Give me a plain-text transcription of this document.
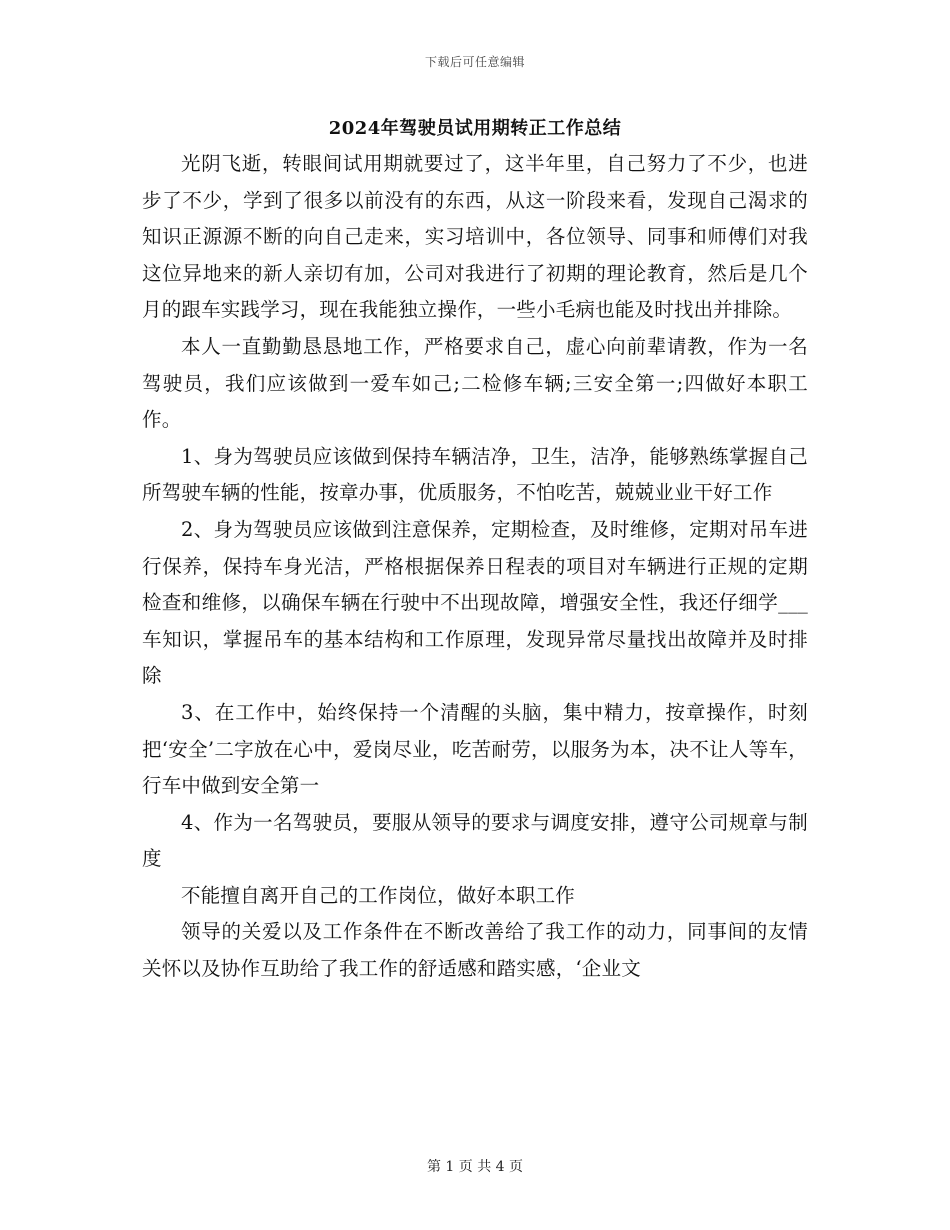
下载后可任意编辑
2024年驾驶员试用期转正工作总结

光阴飞逝，转眼间试用期就要过了，这半年里，自己努力了不少，也进步了不少，学到了很多以前没有的东西，从这一阶段来看，发现自己渴求的知识正源源不断的向自己走来，实习培训中，各位领导、同事和师傅们对我这位异地来的新人亲切有加，公司对我进行了初期的理论教育，然后是几个月的跟车实践学习，现在我能独立操作，一些小毛病也能及时找出并排除。

本人一直勤勤恳恳地工作，严格要求自己，虚心向前辈请教，作为一名驾驶员，我们应该做到一爱车如己;二检修车辆;三安全第一;四做好本职工作。

1、身为驾驶员应该做到保持车辆洁净，卫生，洁净，能够熟练掌握自己所驾驶车辆的性能，按章办事，优质服务，不怕吃苦，兢兢业业干好工作

2、身为驾驶员应该做到注意保养，定期检查，及时维修，定期对吊车进行保养，保持车身光洁，严格根据保养日程表的项目对车辆进行正规的定期检查和维修，以确保车辆在行驶中不出现故障，增强安全性，我还仔细学___车知识，掌握吊车的基本结构和工作原理，发现异常尽量找出故障并及时排除

3、在工作中，始终保持一个清醒的头脑，集中精力，按章操作，时刻把‘安全’二字放在心中，爱岗尽业，吃苦耐劳，以服务为本，决不让人等车，行车中做到安全第一

4、作为一名驾驶员，要服从领导的要求与调度安排，遵守公司规章与制度

不能擅自离开自己的工作岗位，做好本职工作

领导的关爱以及工作条件在不断改善给了我工作的动力，同事间的友情关怀以及协作互助给了我工作的舒适感和踏实感，‘企业文

第 1 页 共 4 页
